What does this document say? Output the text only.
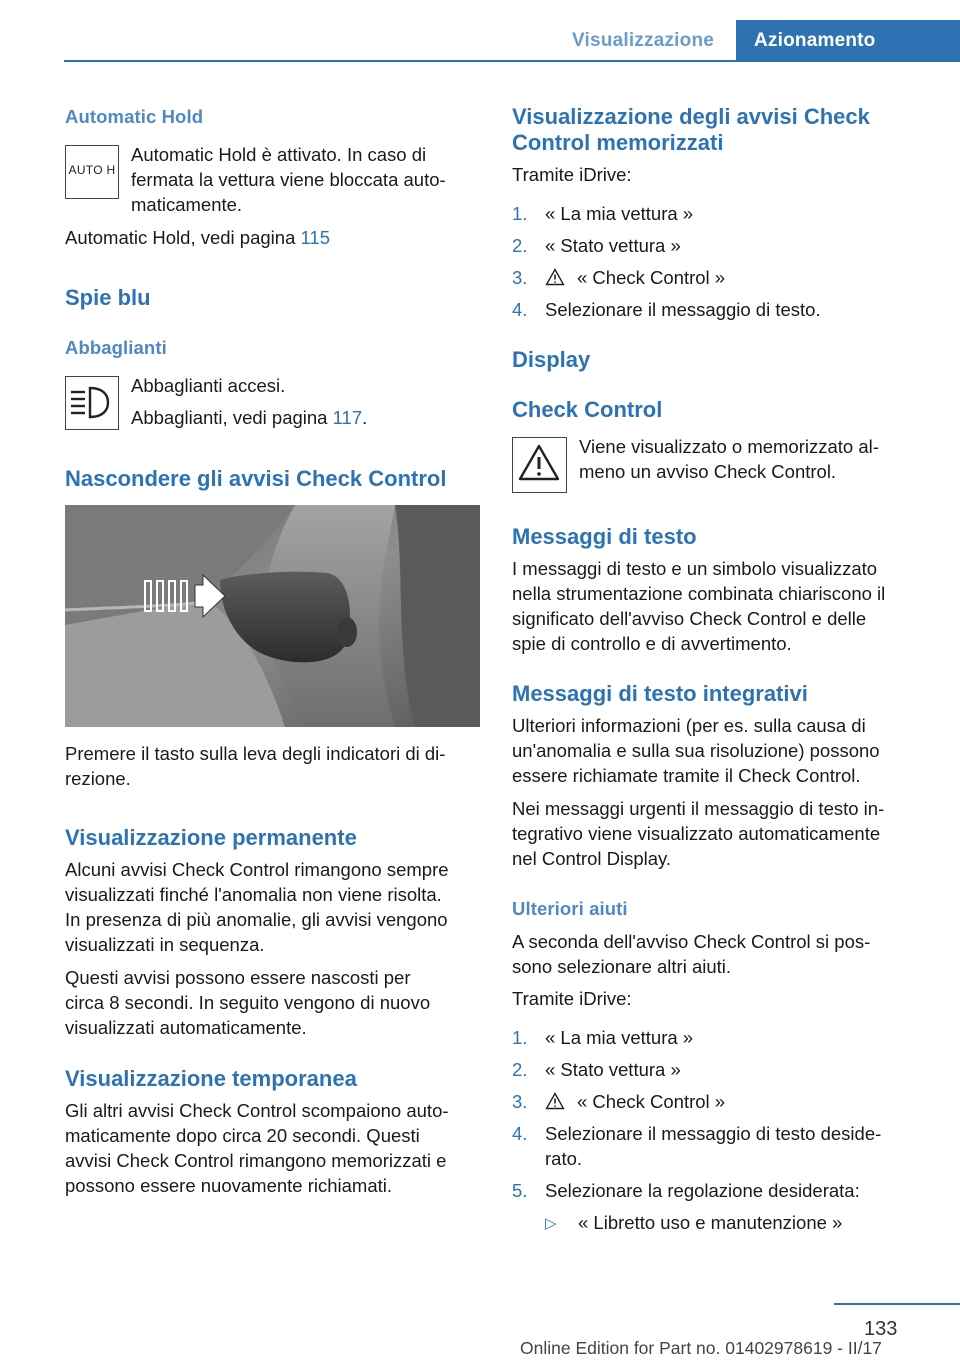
Visualizzazione	Azionamento
Automatic Hold
AUTO H
Automatic Hold è attivato. In caso di
fermata la vettura viene bloccata auto‐
maticamente.
Automatic Hold, vedi pagina 115
Spie blu
Abbaglianti
Abbaglianti accesi.
Abbaglianti, vedi pagina 117.
Nascondere gli avvisi Check Control
Premere il tasto sulla leva degli indicatori di di‐
rezione.
Visualizzazione permanente
Alcuni avvisi Check Control rimangono sempre
visualizzati finché l'anomalia non viene risolta.
In presenza di più anomalie, gli avvisi vengono
visualizzati in sequenza.
Questi avvisi possono essere nascosti per
circa 8 secondi. In seguito vengono di nuovo
visualizzati automaticamente.
Visualizzazione temporanea
Gli altri avvisi Check Control scompaiono auto‐
maticamente dopo circa 20 secondi. Questi
avvisi Check Control rimangono memorizzati e
possono essere nuovamente richiamati.
Visualizzazione degli avvisi Check
Control memorizzati
Tramite iDrive:
1. « La mia vettura »
2. « Stato vettura »
3.	« Check Control »
4. Selezionare il messaggio di testo.
Display
Check Control
Viene visualizzato o memorizzato al‐
meno un avviso Check Control.
Messaggi di testo
I messaggi di testo e un simbolo visualizzato
nella strumentazione combinata chiariscono il
significato dell'avviso Check Control e delle
spie di controllo e di avvertimento.
Messaggi di testo integrativi
Ulteriori informazioni (per es. sulla causa di
un'anomalia e sulla sua risoluzione) possono
essere richiamate tramite il Check Control.
Nei messaggi urgenti il messaggio di testo in‐
tegrativo viene visualizzato automaticamente
nel Control Display.
Ulteriori aiuti
A seconda dell'avviso Check Control si pos‐
sono selezionare altri aiuti.
Tramite iDrive:
1. « La mia vettura »
2. « Stato vettura »
3.	« Check Control »
4. Selezionare il messaggio di testo deside‐ rato.
5. Selezionare la regolazione desiderata:
▷ « Libretto uso e manutenzione »
133
Online Edition for Part no. 01402978619 - II/17
